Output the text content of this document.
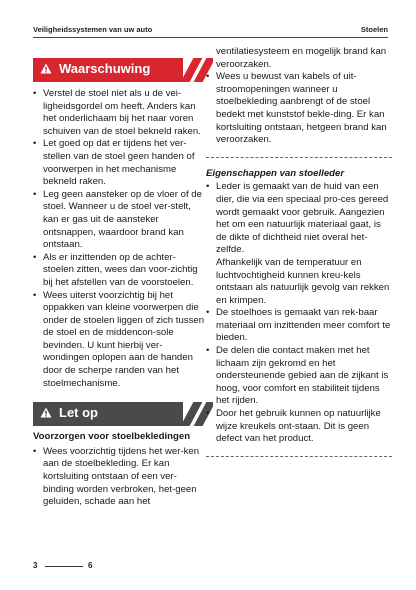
Veiligheidssystemen van uw auto	Stoelen
Waarschuwing
• Verstel de stoel niet als u de vei-ligheidsgordel om heeft. Anders kan het onderlichaam bij het naar voren schuiven van de stoel bekneld raken.
• Let goed op dat er tijdens het ver-stellen van de stoel geen handen of voorwerpen in het mechanisme bekneld raken.
• Leg geen aansteker op de vloer of de stoel. Wanneer u de stoel ver-stelt, kan er gas uit de aansteker ontsnappen, waardoor brand kan ontstaan.
• Als er inzittenden op de achter-stoelen zitten, wees dan voor-zichtig bij het afstellen van de voorstoelen.
• Wees uiterst voorzichtig bij het oppakken van kleine voorwerpen die onder de stoelen liggen of zich tussen de stoel en de middencon-sole bevinden. U kunt hierbij ver-wondingen oplopen aan de handen door de scherpe randen van het stoelmechanisme.
Let op
Voorzorgen voor stoelbekledingen
• Wees voorzichtig tijdens het wer-ken aan de stoelbekleding. Er kan kortsluiting ontstaan of een ver-binding worden verbroken, het-geen geluiden, schade aan het
ventilatiesysteem en mogelijk brand kan veroorzaken.
• Wees u bewust van kabels of uit-stroomopeningen wanneer u stoelbekleding aanbrengt of de stoel bedekt met kunststof bekle-ding. Er kan kortsluiting ontstaan, hetgeen brand kan veroorzaken.
Eigenschappen van stoelleder
• Leder is gemaakt van de huid van een dier, die via een speciaal pro-ces gereed wordt gemaakt voor gebruik. Aangezien het om een natuurlijk materiaal gaat, is de dikte of dichtheid niet overal het-zelfde.
Afhankelijk van de temperatuur en luchtvochtigheid kunnen kreu-kels ontstaan als natuurlijk gevolg van rekken en krimpen.
• De stoelhoes is gemaakt van rek-baar materiaal om inzittenden meer comfort te bieden.
• De delen die contact maken met het lichaam zijn gekromd en het ondersteunende gebied aan de zijkant is hoog, voor comfort en stabiliteit tijdens het rijden.
• Door het gebruik kunnen op natuurlijke wijze kreukels ont-staan. Dit is geen defect van het product.
3	6
